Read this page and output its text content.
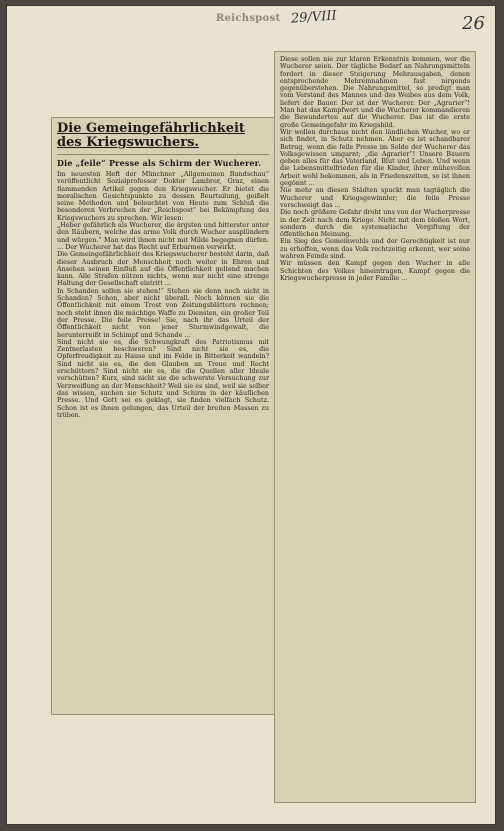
Reichspost 29/VIII	26
Die Gemeingefährlichkeit des Kriegswuchers.
Die „feile“ Presse als Schirm der Wucherer.

Im neuesten Heft der Münchner „Allgemeinen Rundschau“ veröffentlicht Sozialprofessor Doktor Lambrer, Graz, einen flammenden Artikel gegen den Kriegswucher. Er bietet die moralischen Gesichtspunkte zu dessen Beurteilung, geißelt seine Methoden und beleuchtet von Heute zum Schluß die besonderen Verbrechen der „Reichspost“ bei Bekämpfung des Kriegswuchers zu sprechen. Wir lesen:
„Heber gefährlich als Wucherer, die ärgsten und bitterster unter den Räubern, welche das arme Volk durch Wucher ausplündern und würgen.“ Man wird ihnen nicht mit Milde begegnen dürfen. ... Der Wucherer hat das Recht auf Erbarmen verwirkt.
Die Gemeingefährlichkeit des Kriegswucherer besteht darin, daß dieser Ausbruch der Menschheit noch weiter in Ehren und Ansehen seinen Einfluß auf die Öffentlichkeit geltend machen kann. Alle Strafen nützen nichts, wenn nur nicht eine strenge Haltung der Gesellschaft eintritt ...
In Schanden sollen sie stehen!“ Stehen sie denn noch nicht in Schanden? Schon, aber nicht überall. Noch können sie die Öffentlichkeit mit einem Trost von Zeitungsblättern rechnen; noch steht ihnen die mächtige Waffe zu Diensten, ein großer Teil der Presse. Die feile Presse! Sie, nach ihr das Urteil der Öffentlichkeit nicht von jener Sturmwindgewalt, die herunterreißt in Schimpf und Schande ...
Sind nicht sie es, die Schwungkraft des Patriotismus mit Zentnerlasten beschweren? Sind nicht sie es, die Opferfreudigkeit zu Hause und im Felde in Bitterkeit wandeln? Sind nicht sie es, die den Glauben an Treue und Recht erschüttern? Sind nicht sie es, die die Quellen aller Ideale verschütten? Kurz, sind nicht sie die schwerste Versuchung zur Verzweiflung an der Menschheit? Weil sie es sind, weil sie selber das wissen, suchen sie Schutz und Schirm in der käuflichen Presse. Und Gott sei es geklagt, sie finden vielfach Schutz. Schon ist es ihnen gelungen, das Urteil der breiten Massen zu trüben.

Diese sollen nie zur klaren Erkenntnis kommen, wer die Wucherer seien. Der tägliche Bedarf an Nahrungsmitteln fordert in dieser Steigerung Mehrausgaben, denen entsprechende Mehreinnahmen fast nirgends gegenüberstehen. Die Nahrungsmittel, so predigt man vom Verstand des Mannes und des Weibes aus dem Volk, liefert der Bauer. Der ist der Wucherer. Der „Agrarier“! Man hat das Kampfwort und die Wucherer kommandieren die Bewunderten auf die Wucherer. Das ist die erste große Gemeingefahr im Kriegsbild.
Wir wollen durchaus nicht den ländlichen Wucher, wo er sich findet, in Schutz nehmen. Aber es ist schandbarer Betrug, wenn die feile Presse im Solde der Wucherer das Volksgewissen umgarnt; „die Agrarier“! Unsere Bauern geben alles für das Vaterland, Blut und Leben. Und wenn die Lebensmittelfrieden für die Kinder, ihrer mühevollen Arbeit wohl bekommen, als in Friedenszeiten, so ist ihnen gegönnt ...
Nie mehr an diesen Städten spuckt man tagtäglich die Wucherer und Kriegsgewinnler; die feile Presse verschweigt das ...
Die noch größere Gefahr droht uns von der Wucherpresse in der Zeit nach dem Kriege. Nicht mit dem bloßen Wort, sondern durch die systematische Vergiftung der öffentlichen Meinung.
Ein Sieg des Gemeinwohls und der Gerechtigkeit ist nur zu erhoffen, wenn das Volk rechtzeitig erkennt, wer seine wahren Feinde sind.
Wir müssen den Kampf gegen den Wucher in alle Schichten des Volkes hineintragen, Kampf gegen die Kriegswucherpresse in jeder Familie ...
